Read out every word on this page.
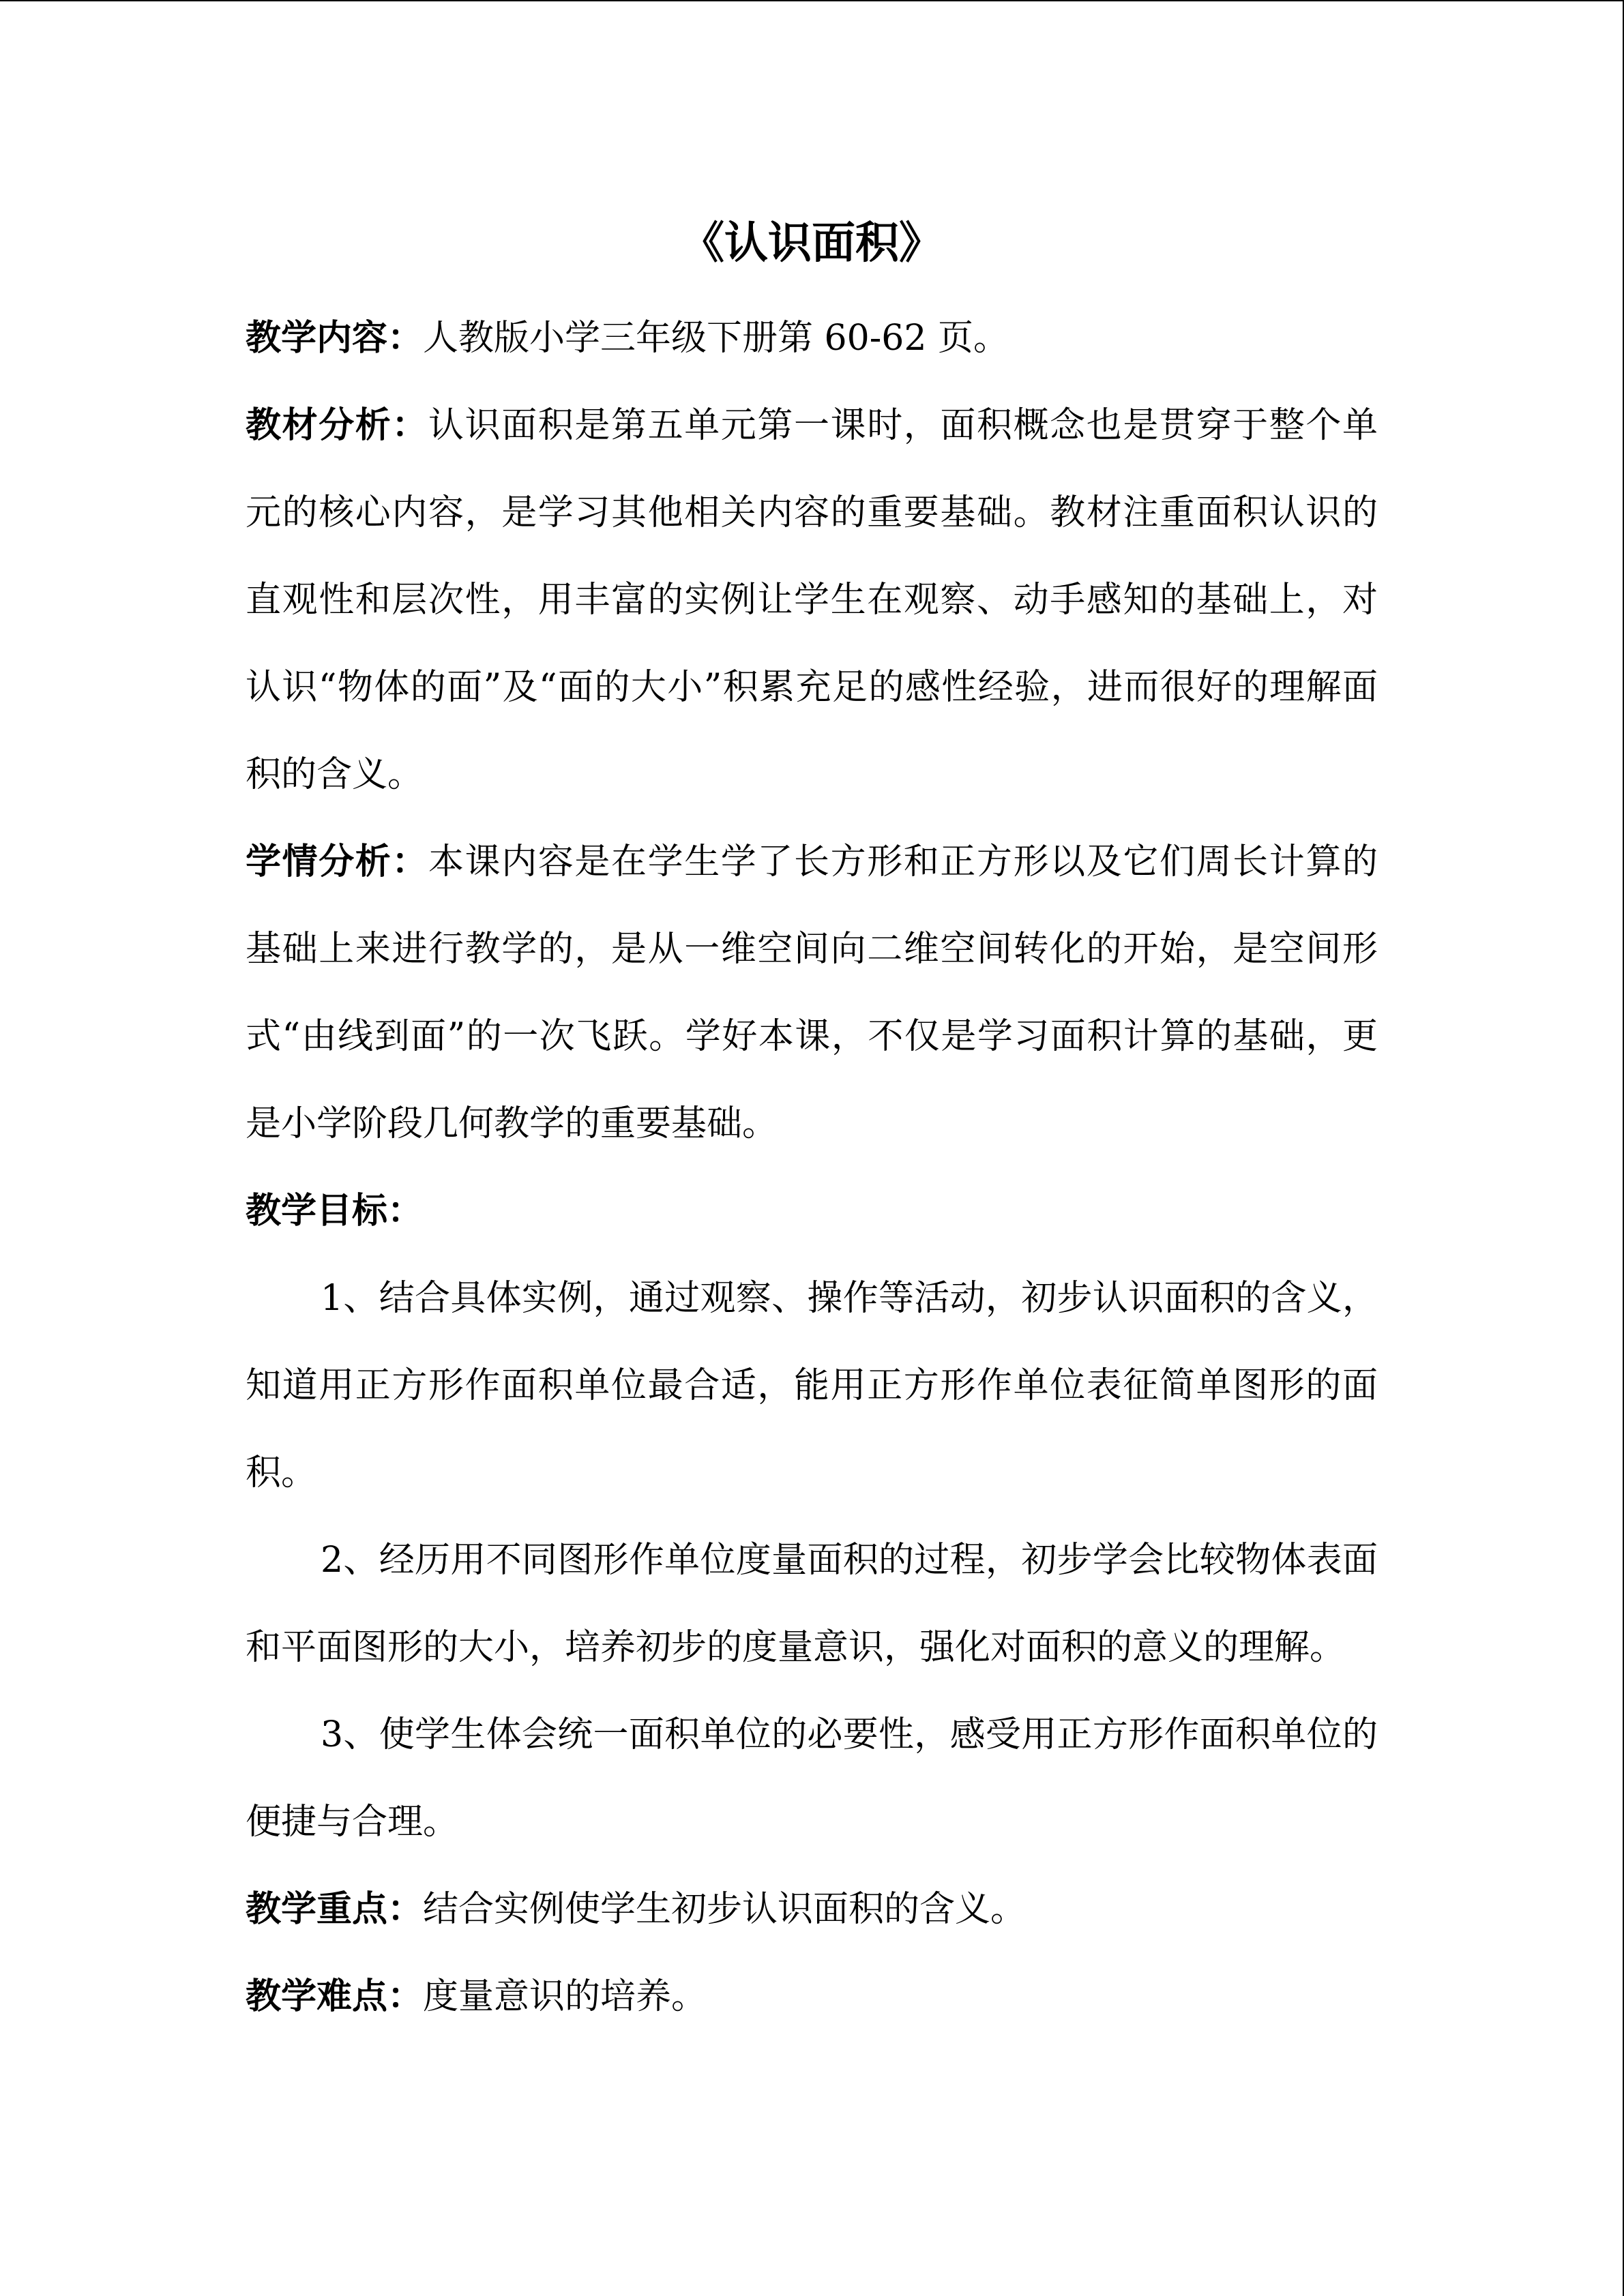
《认识面积》

教学内容：人教版小学三年级下册第 60-62 页。

教材分析：认识面积是第五单元第一课时，面积概念也是贯穿于整个单元的核心内容，是学习其他相关内容的重要基础。教材注重面积认识的直观性和层次性，用丰富的实例让学生在观察、动手感知的基础上，对认识“物体的面”及“面的大小”积累充足的感性经验，进而很好的理解面积的含义。

学情分析：本课内容是在学生学了长方形和正方形以及它们周长计算的基础上来进行教学的，是从一维空间向二维空间转化的开始，是空间形式“由线到面”的一次飞跃。学好本课，不仅是学习面积计算的基础，更是小学阶段几何教学的重要基础。

教学目标：

1、结合具体实例，通过观察、操作等活动，初步认识面积的含义，知道用正方形作面积单位最合适，能用正方形作单位表征简单图形的面积。

2、经历用不同图形作单位度量面积的过程，初步学会比较物体表面和平面图形的大小，培养初步的度量意识，强化对面积的意义的理解。

3、使学生体会统一面积单位的必要性，感受用正方形作面积单位的便捷与合理。

教学重点：结合实例使学生初步认识面积的含义。

教学难点：度量意识的培养。
